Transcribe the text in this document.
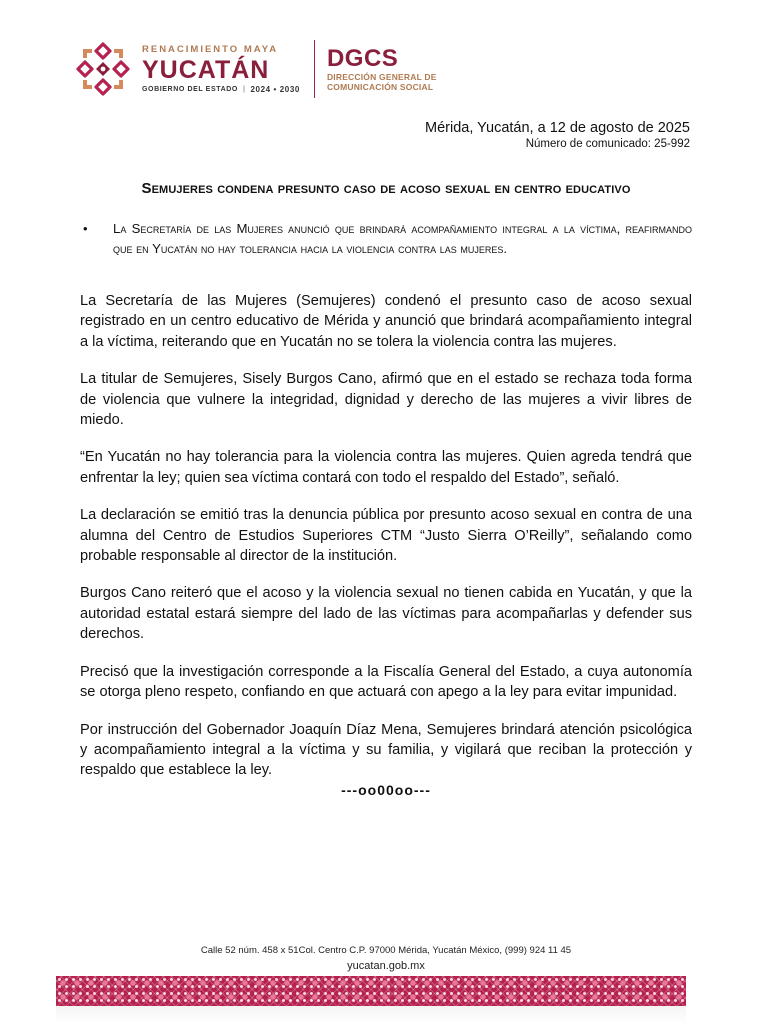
RENACIMIENTO MAYA
YUCATÁN
GOBIERNO DEL ESTADO | 2024 • 2030
DGCS
DIRECCIÓN GENERAL DE
COMUNICACIÓN SOCIAL
Mérida, Yucatán, a 12 de agosto de 2025
Número de comunicado: 25-992
Semujeres condena presunto caso de acoso sexual en centro educativo
• La Secretaría de las Mujeres anunció que brindará acompañamiento integral a la víctima, reafirmando que en Yucatán no hay tolerancia hacia la violencia contra las mujeres.

La Secretaría de las Mujeres (Semujeres) condenó el presunto caso de acoso sexual registrado en un centro educativo de Mérida y anunció que brindará acompañamiento integral a la víctima, reiterando que en Yucatán no se tolera la violencia contra las mujeres.

La titular de Semujeres, Sisely Burgos Cano, afirmó que en el estado se rechaza toda forma de violencia que vulnere la integridad, dignidad y derecho de las mujeres a vivir libres de miedo.

“En Yucatán no hay tolerancia para la violencia contra las mujeres. Quien agreda tendrá que enfrentar la ley; quien sea víctima contará con todo el respaldo del Estado”, señaló.

La declaración se emitió tras la denuncia pública por presunto acoso sexual en contra de una alumna del Centro de Estudios Superiores CTM “Justo Sierra O’Reilly”, señalando como probable responsable al director de la institución.

Burgos Cano reiteró que el acoso y la violencia sexual no tienen cabida en Yucatán, y que la autoridad estatal estará siempre del lado de las víctimas para acompañarlas y defender sus derechos.

Precisó que la investigación corresponde a la Fiscalía General del Estado, a cuya autonomía se otorga pleno respeto, confiando en que actuará con apego a la ley para evitar impunidad.

Por instrucción del Gobernador Joaquín Díaz Mena, Semujeres brindará atención psicológica y acompañamiento integral a la víctima y su familia, y vigilará que reciban la protección y respaldo que establece la ley.

---oo00oo---
Calle 52 núm. 458 x 51Col. Centro C.P. 97000 Mérida, Yucatán México, (999) 924 11 45
yucatan.gob.mx
